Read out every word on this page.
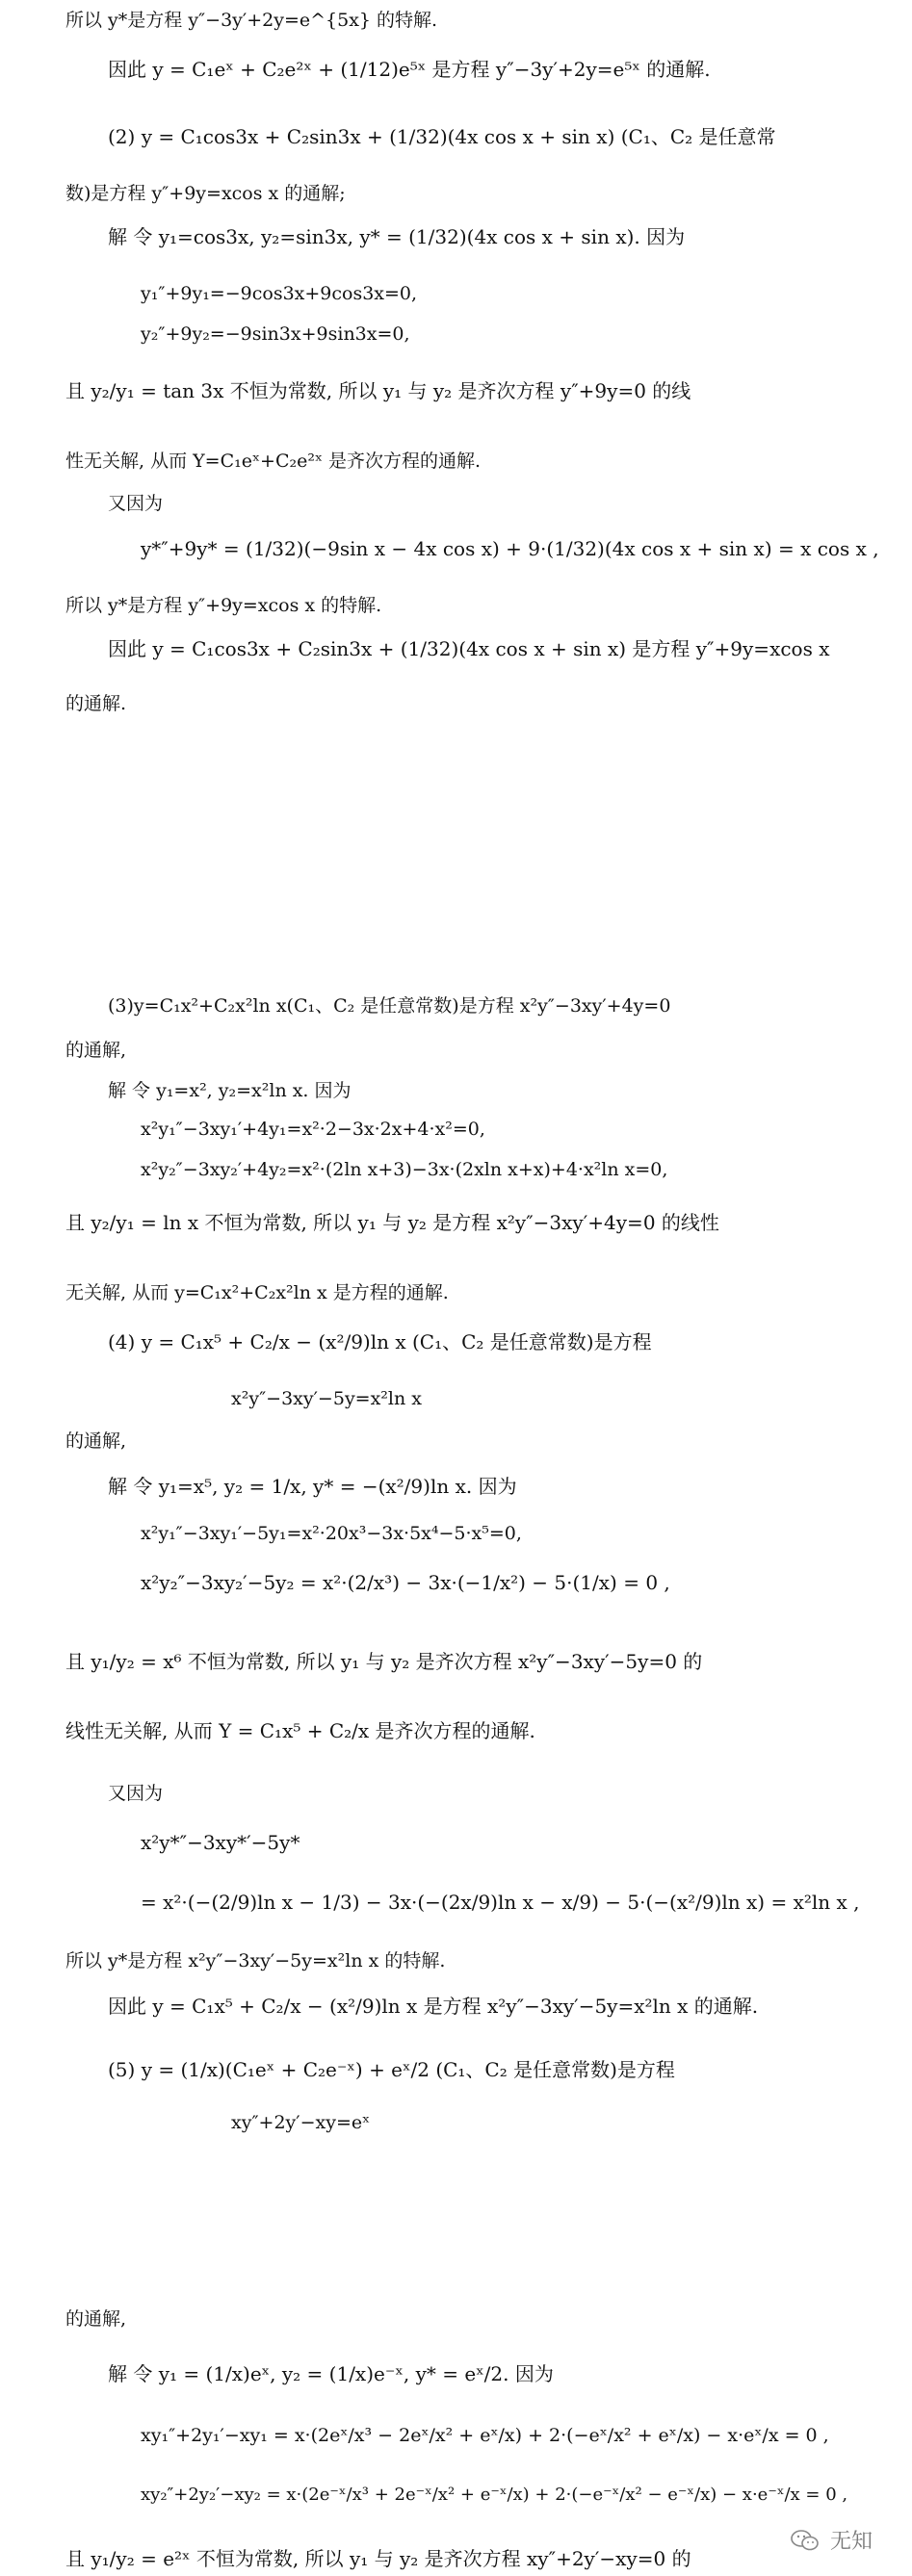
所以 y*是方程 y″−3y′+2y=e^{5x} 的特解.
因此 y = C₁eˣ + C₂e²ˣ + (1/12)e⁵ˣ 是方程 y″−3y′+2y=e⁵ˣ 的通解.
(2) y = C₁cos3x + C₂sin3x + (1/32)(4x cos x + sin x) (C₁、C₂ 是任意常
数)是方程 y″+9y=xcos x 的通解;
解 令 y₁=cos3x, y₂=sin3x, y* = (1/32)(4x cos x + sin x). 因为
y₁″+9y₁=−9cos3x+9cos3x=0,
y₂″+9y₂=−9sin3x+9sin3x=0,
且 y₂/y₁ = tan 3x 不恒为常数, 所以 y₁ 与 y₂ 是齐次方程 y″+9y=0 的线
性无关解, 从而 Y=C₁eˣ+C₂e²ˣ 是齐次方程的通解.
又因为
y*″+9y* = (1/32)(−9sin x − 4x cos x) + 9·(1/32)(4x cos x + sin x) = x cos x ,
所以 y*是方程 y″+9y=xcos x 的特解.
因此 y = C₁cos3x + C₂sin3x + (1/32)(4x cos x + sin x) 是方程 y″+9y=xcos x
的通解.
(3)y=C₁x²+C₂x²ln x(C₁、C₂ 是任意常数)是方程 x²y″−3xy′+4y=0
的通解,
解 令 y₁=x², y₂=x²ln x. 因为
x²y₁″−3xy₁′+4y₁=x²·2−3x·2x+4·x²=0,
x²y₂″−3xy₂′+4y₂=x²·(2ln x+3)−3x·(2xln x+x)+4·x²ln x=0,
且 y₂/y₁ = ln x 不恒为常数, 所以 y₁ 与 y₂ 是方程 x²y″−3xy′+4y=0 的线性
无关解, 从而 y=C₁x²+C₂x²ln x 是方程的通解.
(4) y = C₁x⁵ + C₂/x − (x²/9)ln x (C₁、C₂ 是任意常数)是方程
x²y″−3xy′−5y=x²ln x
的通解,
解 令 y₁=x⁵, y₂ = 1/x, y* = −(x²/9)ln x. 因为
x²y₁″−3xy₁′−5y₁=x²·20x³−3x·5x⁴−5·x⁵=0,
x²y₂″−3xy₂′−5y₂ = x²·(2/x³) − 3x·(−1/x²) − 5·(1/x) = 0 ,
且 y₁/y₂ = x⁶ 不恒为常数, 所以 y₁ 与 y₂ 是齐次方程 x²y″−3xy′−5y=0 的
线性无关解, 从而 Y = C₁x⁵ + C₂/x 是齐次方程的通解.
又因为
x²y*″−3xy*′−5y*
= x²·(−(2/9)ln x − 1/3) − 3x·(−(2x/9)ln x − x/9) − 5·(−(x²/9)ln x) = x²ln x ,
所以 y*是方程 x²y″−3xy′−5y=x²ln x 的特解.
因此 y = C₁x⁵ + C₂/x − (x²/9)ln x 是方程 x²y″−3xy′−5y=x²ln x 的通解.
(5) y = (1/x)(C₁eˣ + C₂e⁻ˣ) + eˣ/2 (C₁、C₂ 是任意常数)是方程
xy″+2y′−xy=eˣ
的通解,
解 令 y₁ = (1/x)eˣ, y₂ = (1/x)e⁻ˣ, y* = eˣ/2. 因为
xy₁″+2y₁′−xy₁ = x·(2eˣ/x³ − 2eˣ/x² + eˣ/x) + 2·(−eˣ/x² + eˣ/x) − x·eˣ/x = 0 ,
xy₂″+2y₂′−xy₂ = x·(2e⁻ˣ/x³ + 2e⁻ˣ/x² + e⁻ˣ/x) + 2·(−e⁻ˣ/x² − e⁻ˣ/x) − x·e⁻ˣ/x = 0 ,
且 y₁/y₂ = e²ˣ 不恒为常数, 所以 y₁ 与 y₂ 是齐次方程 xy″+2y′−xy=0 的
无知
